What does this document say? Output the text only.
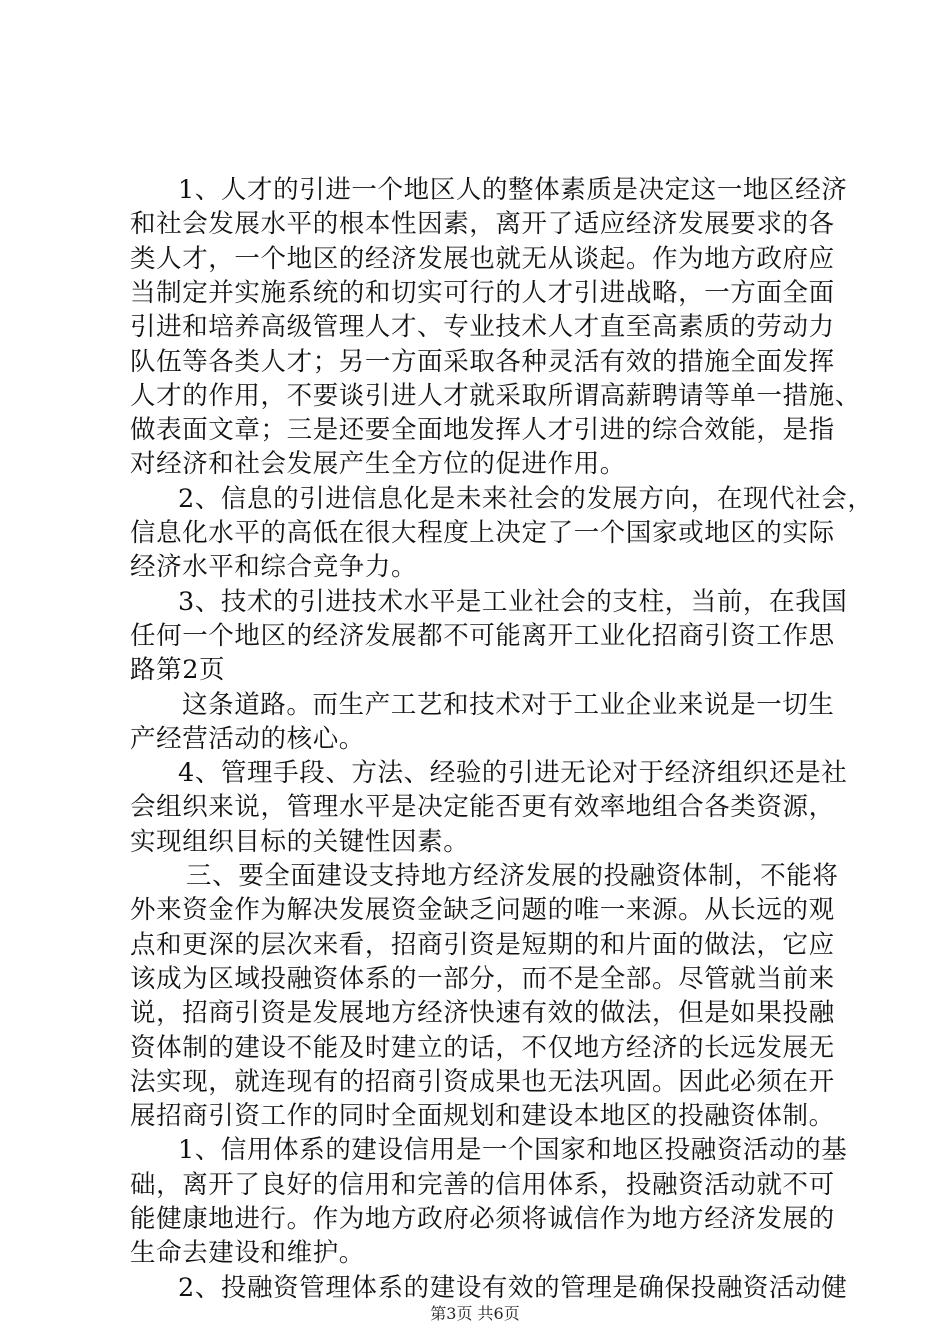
1、人才的引进一个地区人的整体素质是决定这一地区经济
和社会发展水平的根本性因素，离开了适应经济发展要求的各
类人才，一个地区的经济发展也就无从谈起。作为地方政府应
当制定并实施系统的和切实可行的人才引进战略，一方面全面
引进和培养高级管理人才、专业技术人才直至高素质的劳动力
队伍等各类人才；另一方面采取各种灵活有效的措施全面发挥
人才的作用，不要谈引进人才就采取所谓高薪聘请等单一措施、
做表面文章；三是还要全面地发挥人才引进的综合效能，是指
对经济和社会发展产生全方位的促进作用。
2、信息的引进信息化是未来社会的发展方向，在现代社会，
信息化水平的高低在很大程度上决定了一个国家或地区的实际
经济水平和综合竞争力。
3、技术的引进技术水平是工业社会的支柱，当前，在我国
任何一个地区的经济发展都不可能离开工业化招商引资工作思
路第2页
这条道路。而生产工艺和技术对于工业企业来说是一切生
产经营活动的核心。
4、管理手段、方法、经验的引进无论对于经济组织还是社
会组织来说，管理水平是决定能否更有效率地组合各类资源，
实现组织目标的关键性因素。
三、要全面建设支持地方经济发展的投融资体制，不能将
外来资金作为解决发展资金缺乏问题的唯一来源。从长远的观
点和更深的层次来看，招商引资是短期的和片面的做法，它应
该成为区域投融资体系的一部分，而不是全部。尽管就当前来
说，招商引资是发展地方经济快速有效的做法，但是如果投融
资体制的建设不能及时建立的话，不仅地方经济的长远发展无
法实现，就连现有的招商引资成果也无法巩固。因此必须在开
展招商引资工作的同时全面规划和建设本地区的投融资体制。
1、信用体系的建设信用是一个国家和地区投融资活动的基
础，离开了良好的信用和完善的信用体系，投融资活动就不可
能健康地进行。作为地方政府必须将诚信作为地方经济发展的
生命去建设和维护。
2、投融资管理体系的建设有效的管理是确保投融资活动健
第3页 共6页
